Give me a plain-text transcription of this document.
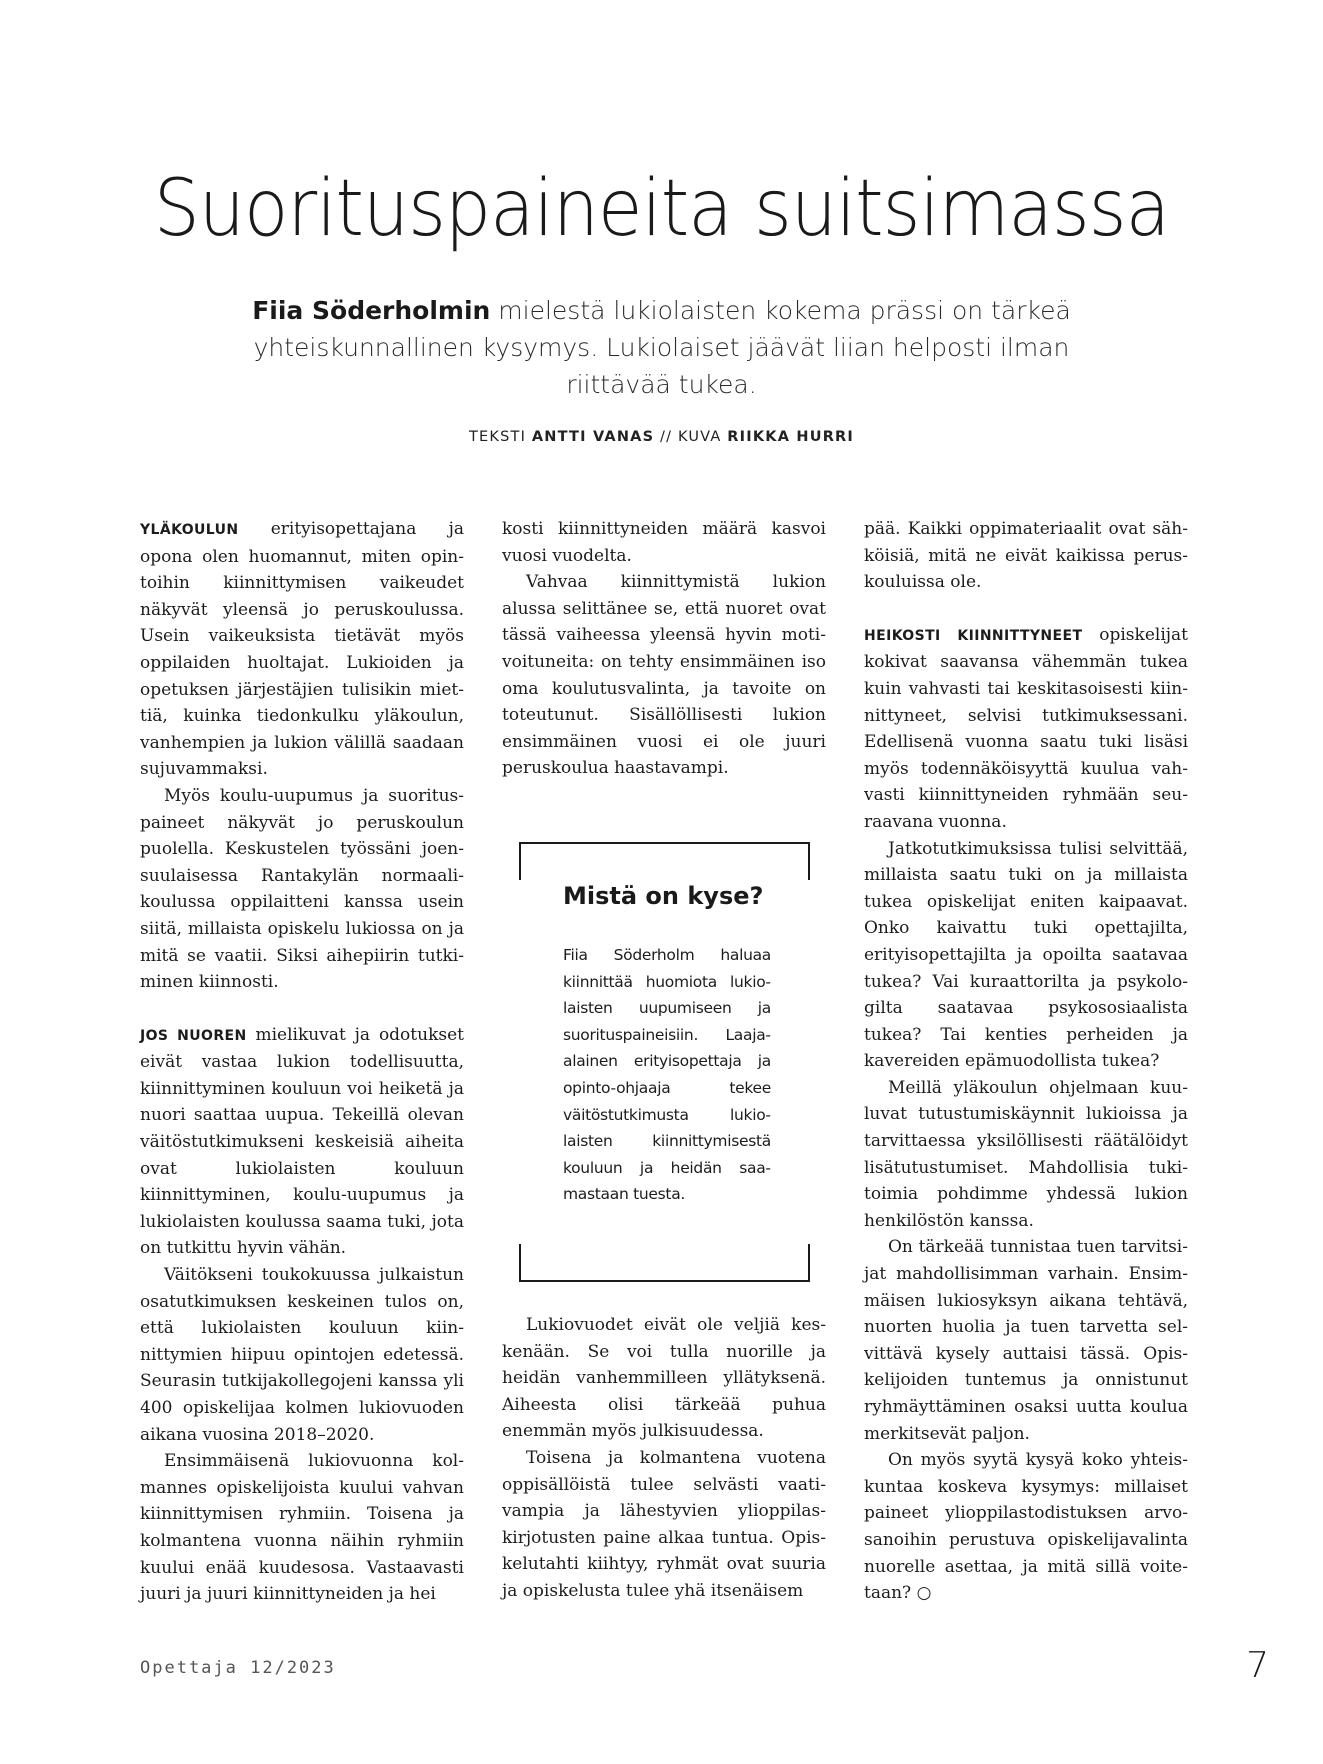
Suorituspaineita suitsimassa

Fiia Söderholmin mielestä lukiolaisten kokema prässi on tärkeä yhteiskunnallinen kysymys. Lukiolaiset jäävät liian helposti ilman riittävää tukea.

TEKSTI ANTTI VANAS // KUVA RIIKKA HURRI

YLÄKOULUN erityisopettajana ja opona olen huomannut, miten opintoihin kiinnittymisen vaikeudet näkyvät yleensä jo peruskoulussa. Usein vaikeuksista tietävät myös oppilaiden huoltajat. Lukioiden ja opetuksen järjestäjien tulisikin miettiä, kuinka tiedonkulku yläkoulun, vanhempien ja lukion välillä saadaan sujuvammaksi.

Myös koulu-uupumus ja suorituspaineet näkyvät jo peruskoulun puolella. Keskustelen työssäni joensuulaisessa Rantakylän normaalikoulussa oppilaitteni kanssa usein siitä, millaista opiskelu lukiossa on ja mitä se vaatii. Siksi aihepiirin tutkiminen kiinnosti.

JOS NUOREN mielikuvat ja odotukset eivät vastaa lukion todellisuutta, kiinnittyminen kouluun voi heiketä ja nuori saattaa uupua. Tekeillä olevan väitöstutkimukseni keskeisiä aiheita ovat lukiolaisten kouluun kiinnittyminen, koulu-uupumus ja lukiolaisten koulussa saama tuki, jota on tutkittu hyvin vähän.

Väitökseni toukokuussa julkaistun osatutkimuksen keskeinen tulos on, että lukiolaisten kouluun kiinnittymien hiipuu opintojen edetessä. Seurasin tutkijakollegojeni kanssa yli 400 opiskelijaa kolmen lukiovuoden aikana vuosina 2018–2020.

Ensimmäisenä lukiovuonna kolmannes opiskelijoista kuului vahvan kiinnittymisen ryhmiin. Toisena ja kolmantena vuonna näihin ryhmiin kuului enää kuudesosa. Vastaavasti juuri ja juuri kiinnittyneiden ja hei

kosti kiinnittyneiden määrä kasvoi vuosi vuodelta.

Vahvaa kiinnittymistä lukion alussa selittänee se, että nuoret ovat tässä vaiheessa yleensä hyvin motivoituneita: on tehty ensimmäinen iso oma koulutusvalinta, ja tavoite on toteutunut. Sisällöllisesti lukion ensimmäinen vuosi ei ole juuri peruskoulua haastavampi.

Mistä on kyse?

Fiia Söderholm haluaa kiinnittää huomiota lukiolaisten uupumiseen ja suorituspaineisiin. Laajaalainen erityisopettaja ja opinto-ohjaaja tekee väitöstutkimusta lukiolaisten kiinnittymisestä kouluun ja heidän saamastaan tuesta.

Lukiovuodet eivät ole veljiä keskenään. Se voi tulla nuorille ja heidän vanhemmilleen yllätyksenä. Aiheesta olisi tärkeää puhua enemmän myös julkisuudessa.

Toisena ja kolmantena vuotena oppisällöistä tulee selvästi vaativampia ja lähestyvien ylioppilaskirjotusten paine alkaa tuntua. Opiskelutahti kiihtyy, ryhmät ovat suuria ja opiskelusta tulee yhä itsenäisem

pää. Kaikki oppimateriaalit ovat sähköisiä, mitä ne eivät kaikissa peruskouluissa ole.

HEIKOSTI KIINNITTYNEET opiskelijat kokivat saavansa vähemmän tukea kuin vahvasti tai keskitasoisesti kiinnittyneet, selvisi tutkimuksessani. Edellisenä vuonna saatu tuki lisäsi myös todennäköisyyttä kuulua vahvasti kiinnittyneiden ryhmään seuraavana vuonna.

Jatkotutkimuksissa tulisi selvittää, millaista saatu tuki on ja millaista tukea opiskelijat eniten kaipaavat. Onko kaivattu tuki opettajilta, erityisopettajilta ja opoilta saatavaa tukea? Vai kuraattorilta ja psykologilta saatavaa psykososiaalista tukea? Tai kenties perheiden ja kavereiden epämuodollista tukea?

Meillä yläkoulun ohjelmaan kuuluvat tutustumiskäynnit lukioissa ja tarvittaessa yksilöllisesti räätälöidyt lisätutustumiset. Mahdollisia tukitoimia pohdimme yhdessä lukion henkilöstön kanssa.

On tärkeää tunnistaa tuen tarvitsijat mahdollisimman varhain. Ensimmäisen lukiosyksyn aikana tehtävä, nuorten huolia ja tuen tarvetta selvittävä kysely auttaisi tässä. Opiskelijoiden tuntemus ja onnistunut ryhmäyttäminen osaksi uutta koulua merkitsevät paljon.

On myös syytä kysyä koko yhteiskuntaa koskeva kysymys: millaiset paineet ylioppilastodistuksen arvosanoihin perustuva opiskelijavalinta nuorelle asettaa, ja mitä sillä voitetaan? ○

Opettaja 12/2023	7
